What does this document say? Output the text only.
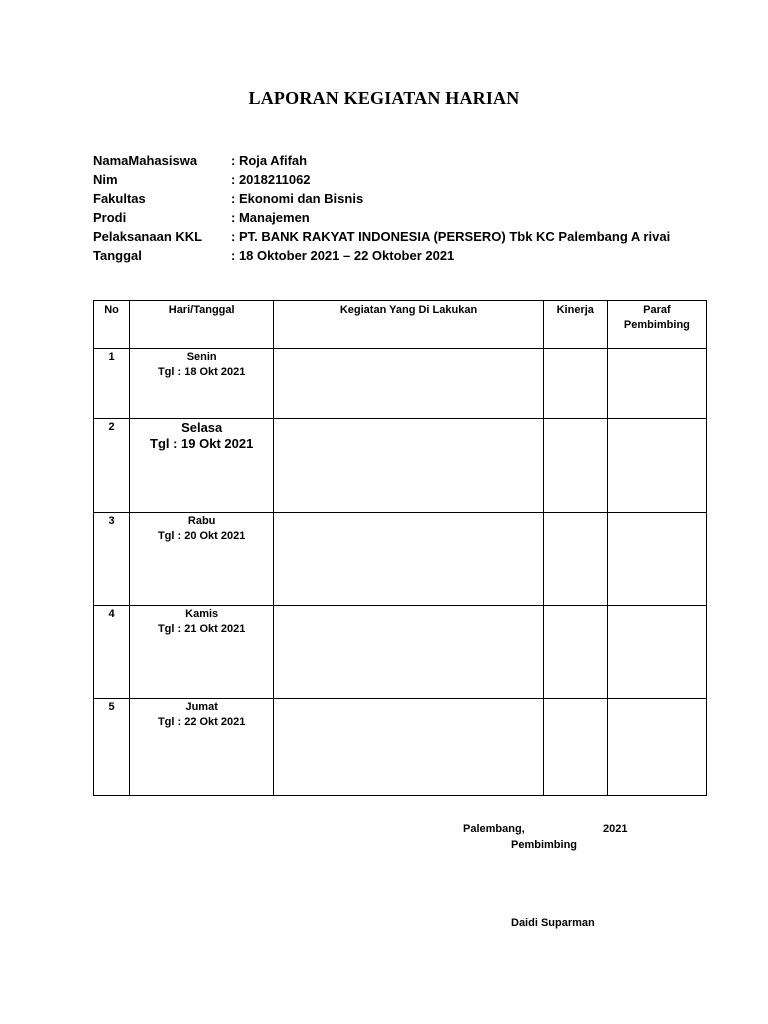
LAPORAN KEGIATAN HARIAN
NamaMahasiswa	: Roja Afifah
Nim	: 2018211062
Fakultas	: Ekonomi dan Bisnis
Prodi	: Manajemen
Pelaksanaan KKL	: PT. BANK RAKYAT INDONESIA (PERSERO) Tbk KC Palembang A rivai
Tanggal	: 18 Oktober 2021 – 22 Oktober 2021
No	Hari/Tanggal	Kegiatan Yang Di Lakukan	Kinerja	Paraf
Pembimbing

1	Senin
Tgl : 18 Okt 2021			

2	Selasa
Tgl : 19 Okt 2021			

3	Rabu
Tgl : 20 Okt 2021			

4	Kamis
Tgl : 21 Okt 2021			

5	Jumat
Tgl : 22 Okt 2021			

Palembang,	2021
Pembimbing
Daidi Suparman
